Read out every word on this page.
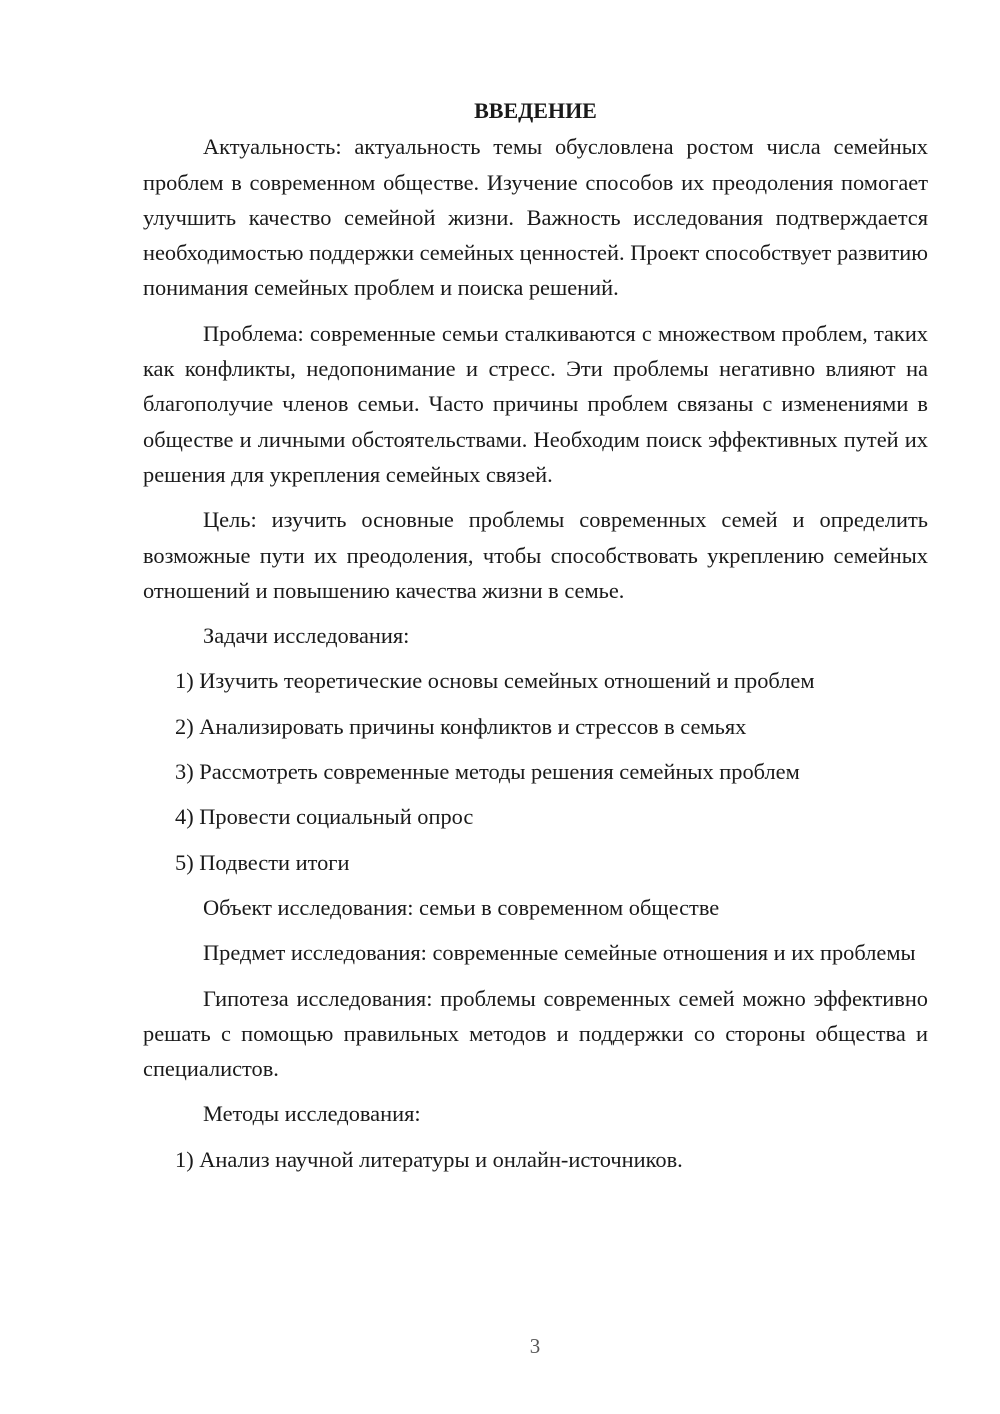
ВВЕДЕНИЕ

Актуальность: актуальность темы обусловлена ростом числа семейных проблем в современном обществе. Изучение способов их преодоления помогает улучшить качество семейной жизни. Важность исследования подтверждается необходимостью поддержки семейных ценностей. Проект способствует развитию понимания семейных проблем и поиска решений.

Проблема: современные семьи сталкиваются с множеством проблем, таких как конфликты, недопонимание и стресс. Эти проблемы негативно влияют на благополучие членов семьи. Часто причины проблем связаны с изменениями в обществе и личными обстоятельствами. Необходим поиск эффективных путей их решения для укрепления семейных связей.

Цель: изучить основные проблемы современных семей и определить возможные пути их преодоления, чтобы способствовать укреплению семейных отношений и повышению качества жизни в семье.

Задачи исследования:

1) Изучить теоретические основы семейных отношений и проблем

2) Анализировать причины конфликтов и стрессов в семьях

3) Рассмотреть современные методы решения семейных проблем

4) Провести социальный опрос

5) Подвести итоги

Объект исследования: семьи в современном обществе

Предмет исследования: современные семейные отношения и их проблемы

Гипотеза исследования: проблемы современных семей можно эффективно решать с помощью правильных методов и поддержки со стороны общества и специалистов.

Методы исследования:

1) Анализ научной литературы и онлайн-источников.

3
